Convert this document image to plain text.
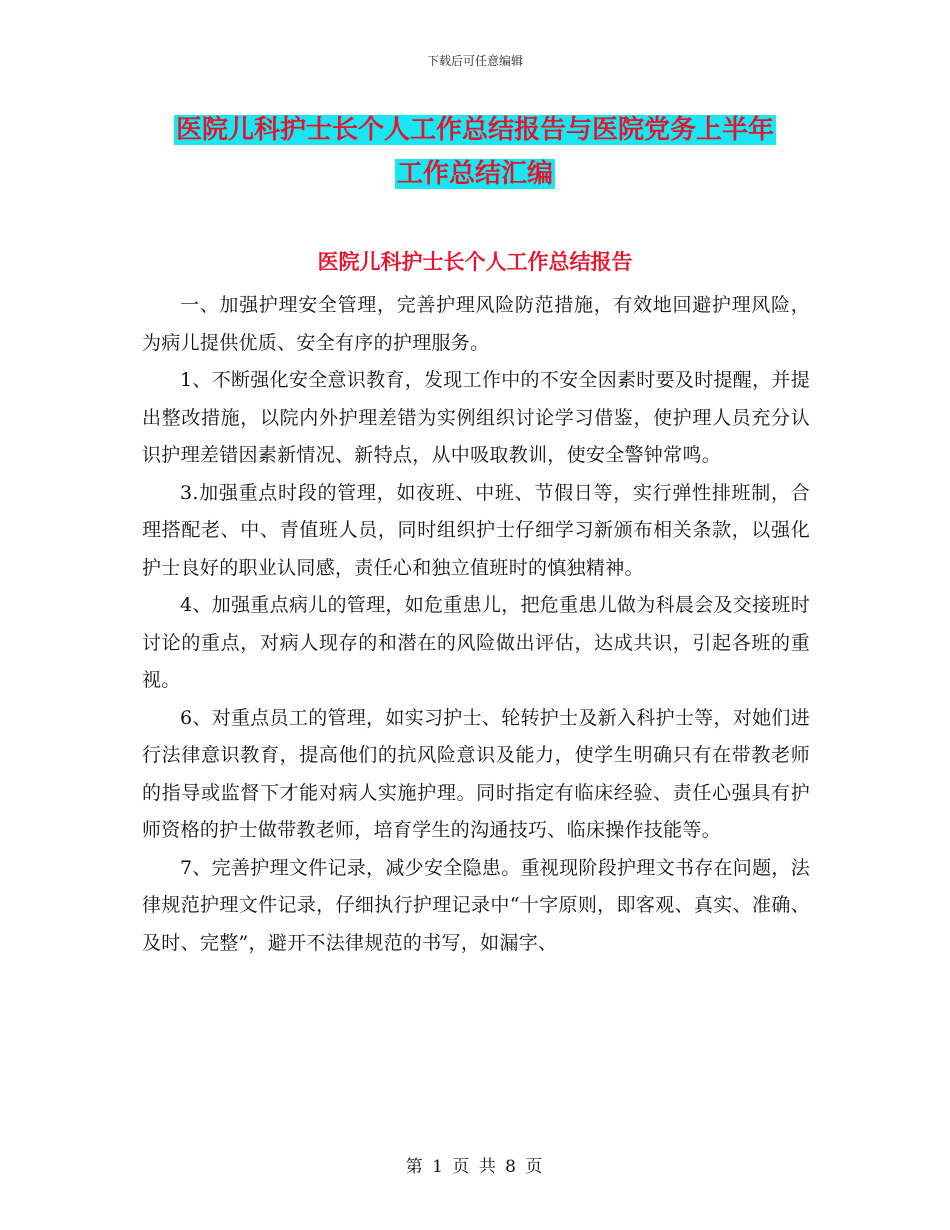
下载后可任意编辑
医院儿科护士长个人工作总结报告与医院党务上半年
工作总结汇编
医院儿科护士长个人工作总结报告

一、加强护理安全管理，完善护理风险防范措施，有效地回避护理风险，为病儿提供优质、安全有序的护理服务。

1、不断强化安全意识教育，发现工作中的不安全因素时要及时提醒，并提出整改措施，以院内外护理差错为实例组织讨论学习借鉴，使护理人员充分认识护理差错因素新情况、新特点，从中吸取教训，使安全警钟常鸣。

3.加强重点时段的管理，如夜班、中班、节假日等，实行弹性排班制，合理搭配老、中、青值班人员，同时组织护士仔细学习新颁布相关条款，以强化护士良好的职业认同感，责任心和独立值班时的慎独精神。

4、加强重点病儿的管理，如危重患儿，把危重患儿做为科晨会及交接班时讨论的重点，对病人现存的和潜在的风险做出评估，达成共识，引起各班的重视。

6、对重点员工的管理，如实习护士、轮转护士及新入科护士等，对她们进行法律意识教育，提高他们的抗风险意识及能力，使学生明确只有在带教老师的指导或监督下才能对病人实施护理。同时指定有临床经验、责任心强具有护师资格的护士做带教老师，培育学生的沟通技巧、临床操作技能等。

7、完善护理文件记录，减少安全隐患。重视现阶段护理文书存在问题，法律规范护理文件记录，仔细执行护理记录中“十字原则，即客观、真实、准确、及时、完整”，避开不法律规范的书写，如漏字、

第 1 页 共 8 页
